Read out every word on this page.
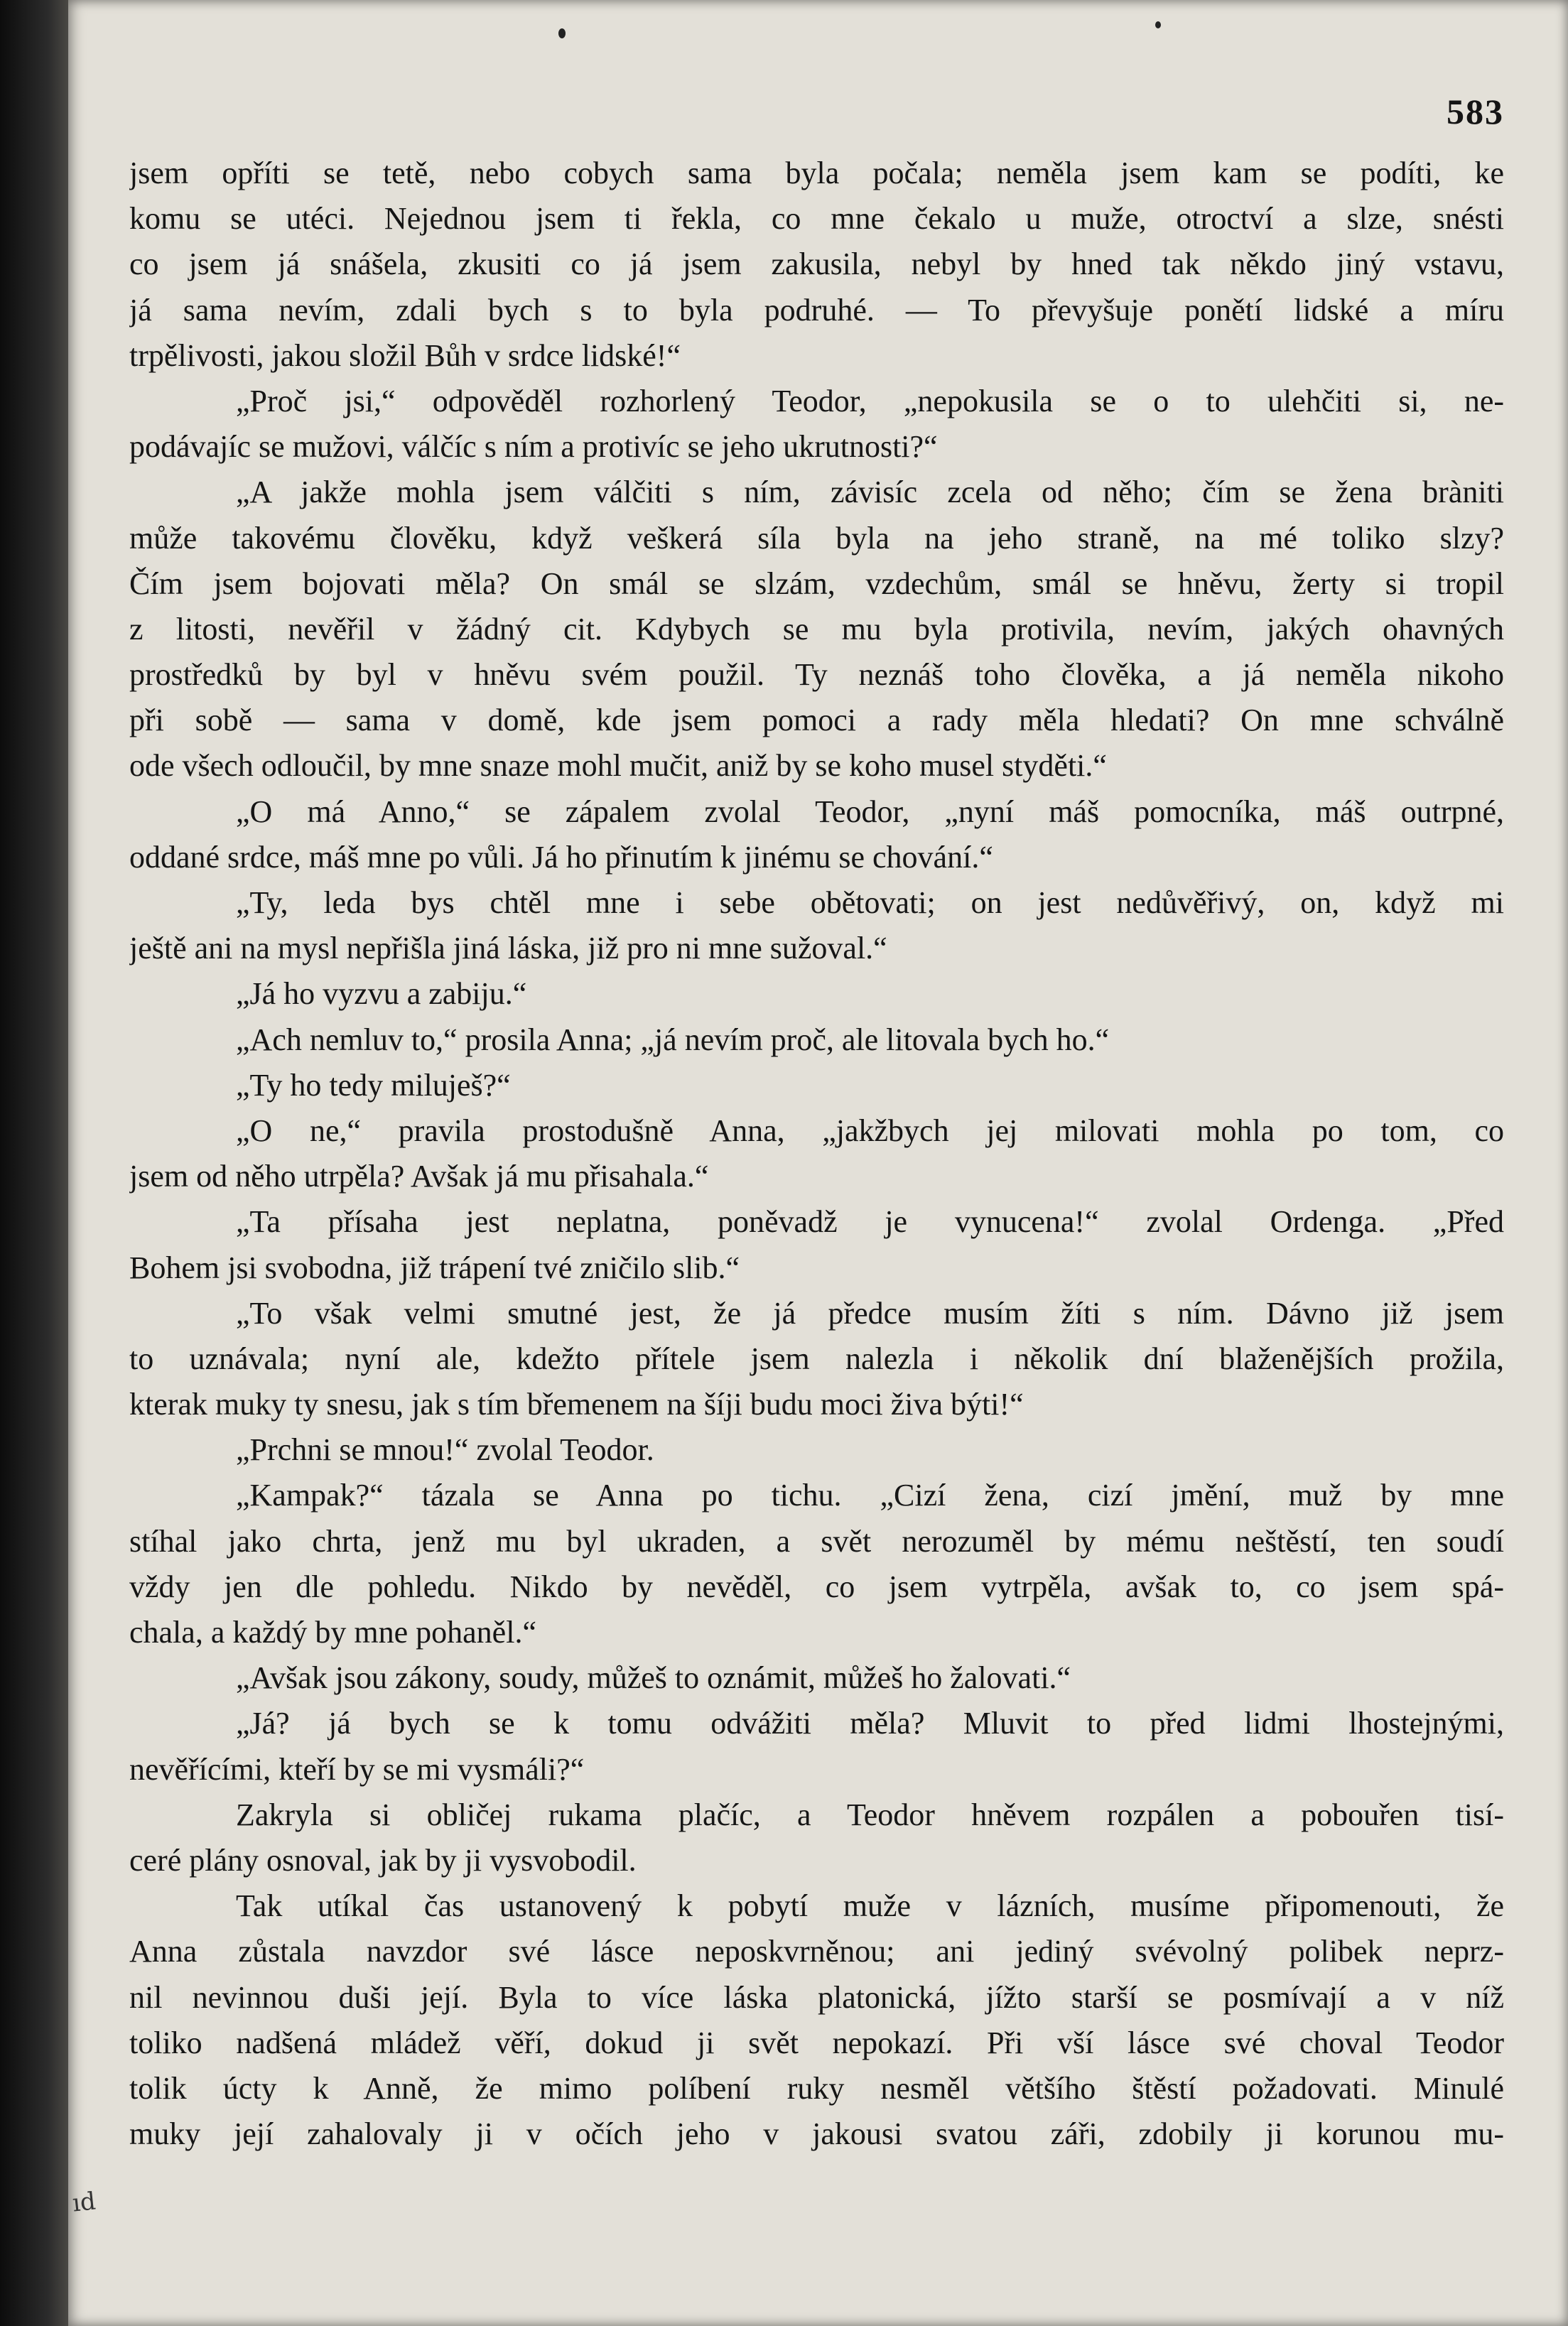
583
jsem opříti se tetě, nebo cobych sama byla počala; neměla jsem kam se podíti, ke
komu se utéci. Nejednou jsem ti řekla, co mne čekalo u muže, otroctví a slze, snésti
co jsem já snášela, zkusiti co já jsem zakusila, nebyl by hned tak někdo jiný vstavu,
já sama nevím, zdali bych s to byla podruhé. — To převyšuje ponětí lidské a míru
trpělivosti, jakou složil Bůh v srdce lidské!“
„Proč jsi,“ odpověděl rozhorlený Teodor, „nepokusila se o to ulehčiti si, ne-
podávajíc se mužovi, válčíc s ním a protivíc se jeho ukrutnosti?“
„A jakže mohla jsem válčiti s ním, závisíc zcela od něho; čím se žena bràniti
může takovému člověku, když veškerá síla byla na jeho straně, na mé toliko slzy?
Čím jsem bojovati měla? On smál se slzám, vzdechům, smál se hněvu, žerty si tropil
z litosti, nevěřil v žádný cit. Kdybych se mu byla protivila, nevím, jakých ohavných
prostředků by byl v hněvu svém použil. Ty neznáš toho člověka, a já neměla nikoho
při sobě — sama v domě, kde jsem pomoci a rady měla hledati? On mne schválně
ode všech odloučil, by mne snaze mohl mučit, aniž by se koho musel styděti.“
„O má Anno,“ se zápalem zvolal Teodor, „nyní máš pomocníka, máš outrpné,
oddané srdce, máš mne po vůli. Já ho přinutím k jinému se chování.“
„Ty, leda bys chtěl mne i sebe obětovati; on jest nedůvěřivý, on, když mi
ještě ani na mysl nepřišla jiná láska, již pro ni mne sužoval.“
„Já ho vyzvu a zabiju.“
„Ach nemluv to,“ prosila Anna; „já nevím proč, ale litovala bych ho.“
„Ty ho tedy miluješ?“
„O ne,“ pravila prostodušně Anna, „jakžbych jej milovati mohla po tom, co
jsem od něho utrpěla? Avšak já mu přisahala.“
„Ta přísaha jest neplatna, poněvadž je vynucena!“ zvolal Ordenga. „Před
Bohem jsi svobodna, již trápení tvé zničilo slib.“
„To však velmi smutné jest, že já předce musím žíti s ním. Dávno již jsem
to uznávala; nyní ale, kdežto přítele jsem nalezla i několik dní blaženějších prožila,
kterak muky ty snesu, jak s tím břemenem na šíji budu moci živa býti!“
„Prchni se mnou!“ zvolal Teodor.
„Kampak?“ tázala se Anna po tichu. „Cizí žena, cizí jmění, muž by mne
stíhal jako chrta, jenž mu byl ukraden, a svět nerozuměl by mému neštěstí, ten soudí
vždy jen dle pohledu. Nikdo by nevěděl, co jsem vytrpěla, avšak to, co jsem spá-
chala, a každý by mne pohaněl.“
„Avšak jsou zákony, soudy, můžeš to oznámit, můžeš ho žalovati.“
„Já? já bych se k tomu odvážiti měla? Mluvit to před lidmi lhostejnými,
nevěřícími, kteří by se mi vysmáli?“
Zakryla si obličej rukama plačíc, a Teodor hněvem rozpálen a pobouřen tisí-
ceré plány osnoval, jak by ji vysvobodil.
Tak utíkal čas ustanovený k pobytí muže v lázních, musíme připomenouti, že
Anna zůstala navzdor své lásce neposkvrněnou; ani jediný svévolný polibek neprz-
nil nevinnou duši její. Byla to více láska platonická, jížto starší se posmívají a v níž
toliko nadšená mládež věří, dokud ji svět nepokazí. Při vší lásce své choval Teodor
tolik úcty k Anně, že mimo políbení ruky nesměl většího štěstí požadovati. Minulé
muky její zahalovaly ji v očích jeho v jakousi svatou záři, zdobily ji korunou mu-
ıd
